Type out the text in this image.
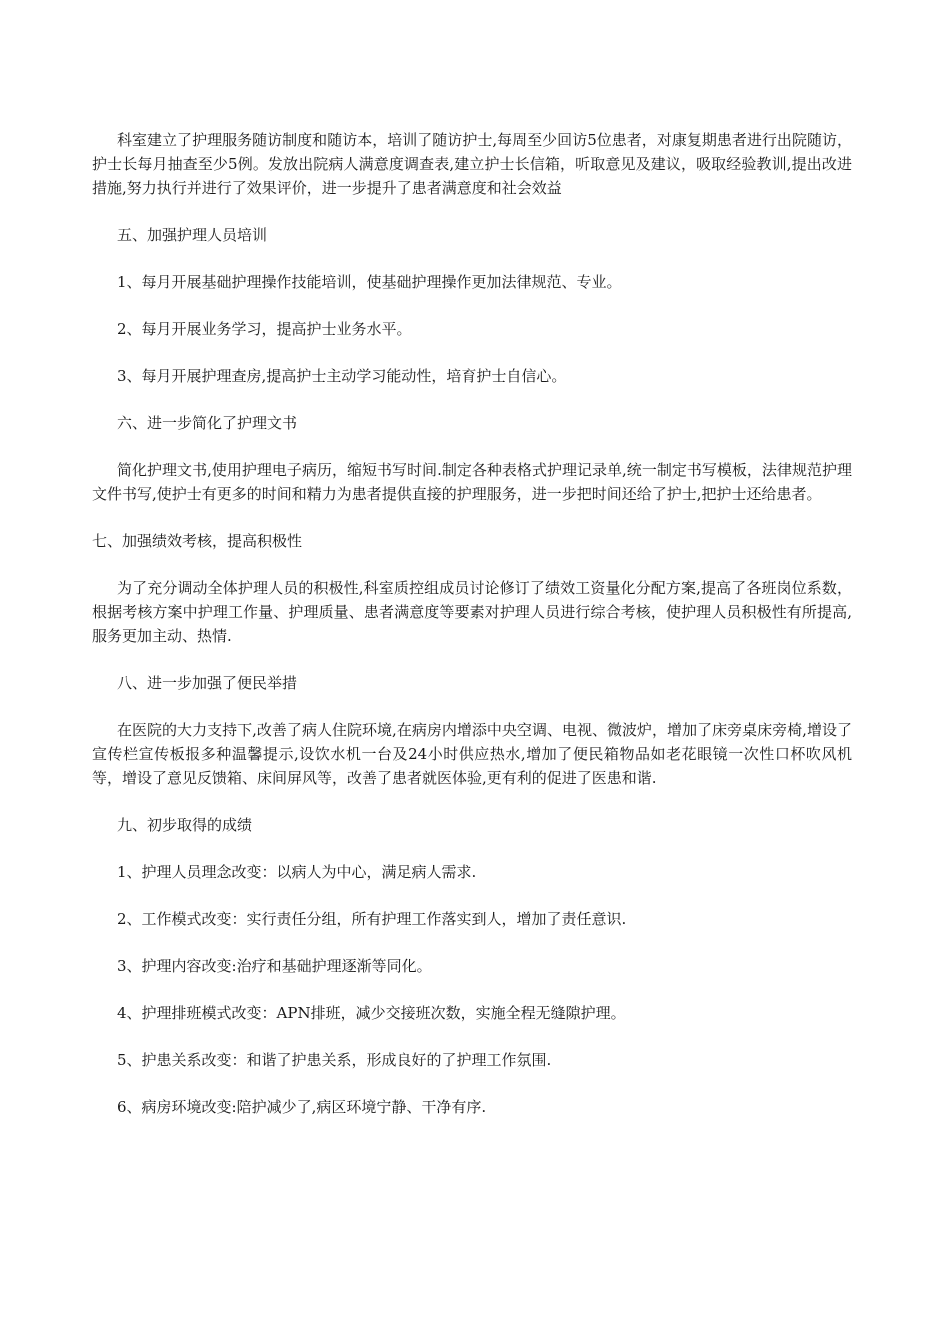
科室建立了护理服务随访制度和随访本，培训了随访护士,每周至少回访5位患者，对康复期患者进行出院随访，护士长每月抽查至少5例。发放出院病人满意度调查表,建立护士长信箱，听取意见及建议，吸取经验教训,提出改进措施,努力执行并进行了效果评价，进一步提升了患者满意度和社会效益

五、加强护理人员培训

1、每月开展基础护理操作技能培训，使基础护理操作更加法律规范、专业。

2、每月开展业务学习，提高护士业务水平。

3、每月开展护理查房,提高护士主动学习能动性，培育护士自信心。

六、进一步简化了护理文书

简化护理文书,使用护理电子病历，缩短书写时间.制定各种表格式护理记录单,统一制定书写模板，法律规范护理文件书写,使护士有更多的时间和精力为患者提供直接的护理服务，进一步把时间还给了护士,把护士还给患者。

七、加强绩效考核，提高积极性

为了充分调动全体护理人员的积极性,科室质控组成员讨论修订了绩效工资量化分配方案,提高了各班岗位系数，根据考核方案中护理工作量、护理质量、患者满意度等要素对护理人员进行综合考核，使护理人员积极性有所提高,服务更加主动、热情.

八、进一步加强了便民举措

在医院的大力支持下,改善了病人住院环境,在病房内增添中央空调、电视、微波炉，增加了床旁桌床旁椅,增设了宣传栏宣传板报多种温馨提示,设饮水机一台及24小时供应热水,增加了便民箱物品如老花眼镜一次性口杯吹风机等，增设了意见反馈箱、床间屏风等，改善了患者就医体验,更有利的促进了医患和谐.

九、初步取得的成绩

1、护理人员理念改变：以病人为中心，满足病人需求.

2、工作模式改变：实行责任分组，所有护理工作落实到人，增加了责任意识.

3、护理内容改变:治疗和基础护理逐渐等同化。

4、护理排班模式改变：APN排班，减少交接班次数，实施全程无缝隙护理。

5、护患关系改变：和谐了护患关系，形成良好的了护理工作氛围.

6、病房环境改变:陪护减少了,病区环境宁静、干净有序.
